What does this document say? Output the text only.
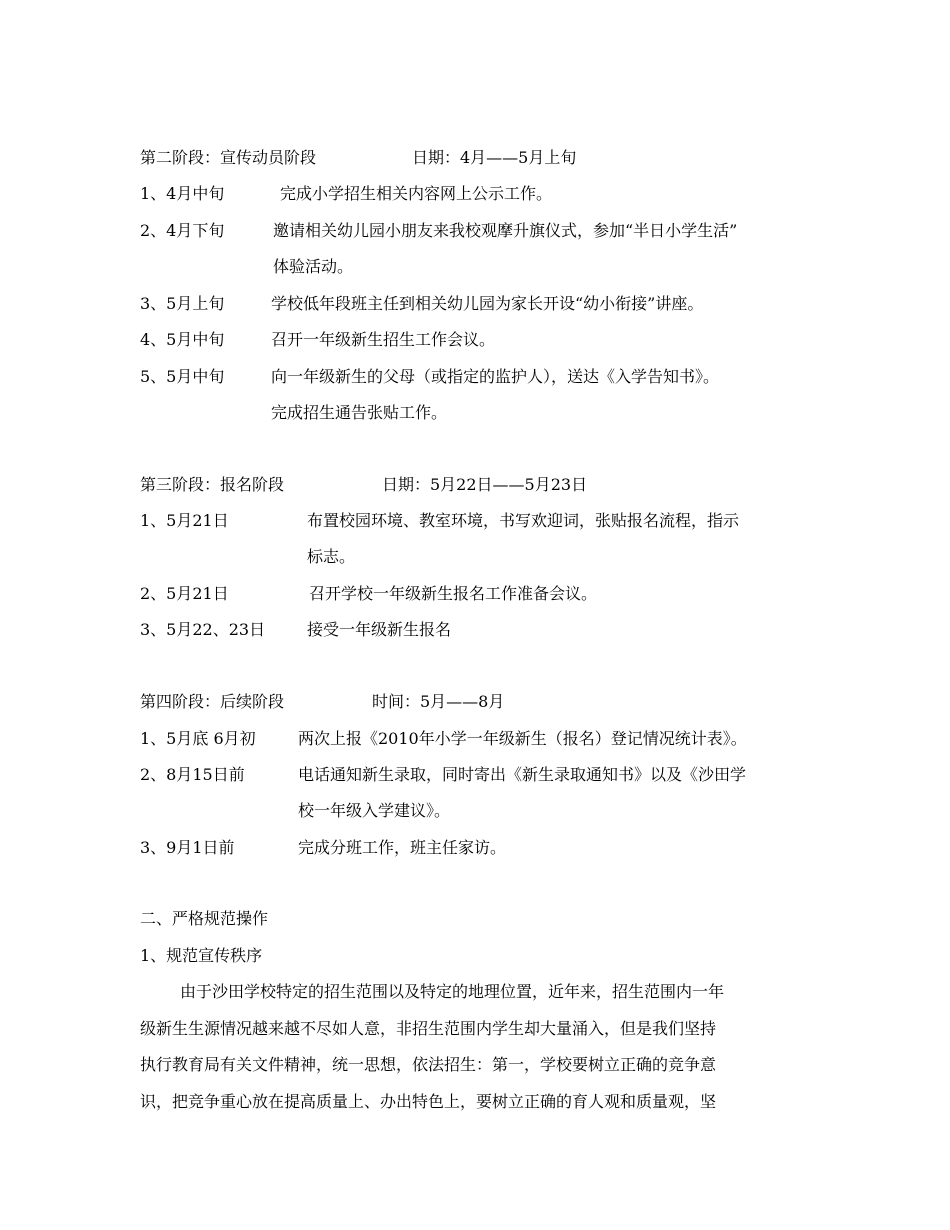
第二阶段：宣传动员阶段	日期：4月——5月上旬
1、4月中旬	完成小学招生相关内容网上公示工作。
2、4月下旬	邀请相关幼儿园小朋友来我校观摩升旗仪式，参加“半日小学生活”
体验活动。
3、5月上旬	学校低年段班主任到相关幼儿园为家长开设“幼小衔接”讲座。
4、5月中旬	召开一年级新生招生工作会议。
5、5月中旬	向一年级新生的父母（或指定的监护人），送达《入学告知书》。
完成招生通告张贴工作。
第三阶段：报名阶段	日期：5月22日——5月23日
1、5月21日	布置校园环境、教室环境，书写欢迎词，张贴报名流程，指示
标志。
2、5月21日	召开学校一年级新生报名工作准备会议。
3、5月22、23日	接受一年级新生报名
第四阶段：后续阶段	时间：5月——8月
1、5月底 6月初	两次上报《2010年小学一年级新生（报名）登记情况统计表》。
2、8月15日前	电话通知新生录取，同时寄出《新生录取通知书》以及《沙田学
校一年级入学建议》。
3、9月1日前	完成分班工作，班主任家访。
二、严格规范操作
1、规范宣传秩序
由于沙田学校特定的招生范围以及特定的地理位置，近年来，招生范围内一年
级新生生源情况越来越不尽如人意，非招生范围内学生却大量涌入，但是我们坚持
执行教育局有关文件精神，统一思想，依法招生：第一，学校要树立正确的竞争意
识，把竞争重心放在提高质量上、办出特色上，要树立正确的育人观和质量观，坚
